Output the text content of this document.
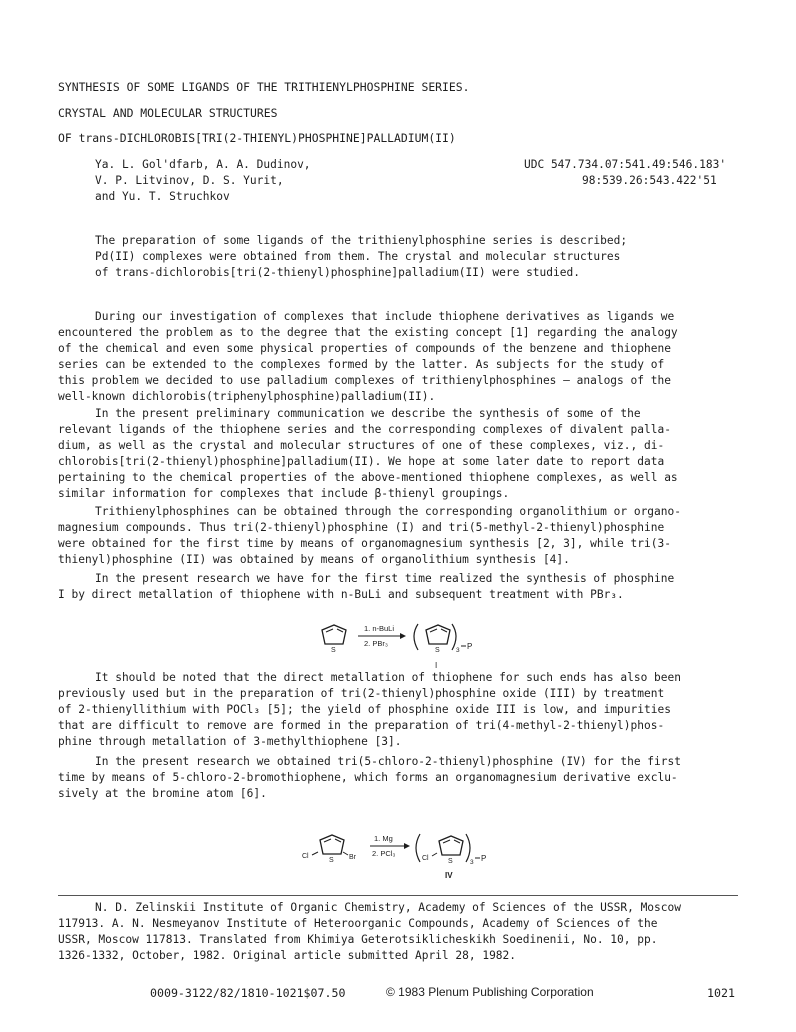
SYNTHESIS OF SOME LIGANDS OF THE TRITHIENYLPHOSPHINE SERIES.
CRYSTAL AND MOLECULAR STRUCTURES
OF trans-DICHLOROBIS[TRI(2-THIENYL)PHOSPHINE]PALLADIUM(II)
Ya. L. Gol'dfarb, A. A. Dudinov,
V. P. Litvinov, D. S. Yurit,
and Yu. T. Struchkov
UDC 547.734.07:541.49:546.183'
98:539.26:543.422'51
The preparation of some ligands of the trithienylphosphine series is described;
Pd(II) complexes were obtained from them. The crystal and molecular structures
of trans-dichlorobis[tri(2-thienyl)phosphine]palladium(II) were studied.
During our investigation of complexes that include thiophene derivatives as ligands we
encountered the problem as to the degree that the existing concept [1] regarding the analogy
of the chemical and even some physical properties of compounds of the benzene and thiophene
series can be extended to the complexes formed by the latter. As subjects for the study of
this problem we decided to use palladium complexes of trithienylphosphines — analogs of the
well-known dichlorobis(triphenylphosphine)palladium(II).
In the present preliminary communication we describe the synthesis of some of the
relevant ligands of the thiophene series and the corresponding complexes of divalent palla-
dium, as well as the crystal and molecular structures of one of these complexes, viz., di-
chlorobis[tri(2-thienyl)phosphine]palladium(II). We hope at some later date to report data
pertaining to the chemical properties of the above-mentioned thiophene complexes, as well as
similar information for complexes that include β-thienyl groupings.
Trithienylphosphines can be obtained through the corresponding organolithium or organo-
magnesium compounds. Thus tri(2-thienyl)phosphine (I) and tri(5-methyl-2-thienyl)phosphine
were obtained for the first time by means of organomagnesium synthesis [2, 3], while tri(3-
thienyl)phosphine (II) was obtained by means of organolithium synthesis [4].
In the present research we have for the first time realized the synthesis of phosphine
I by direct metallation of thiophene with n-BuLi and subsequent treatment with PBr₃.
S
1. n-BuLi
2. PBr₃
S	3 P
I
It should be noted that the direct metallation of thiophene for such ends has also been
previously used but in the preparation of tri(2-thienyl)phosphine oxide (III) by treatment
of 2-thienyllithium with POCl₃ [5]; the yield of phosphine oxide III is low, and impurities
that are difficult to remove are formed in the preparation of tri(4-methyl-2-thienyl)phos-
phine through metallation of 3-methylthiophene [3].
In the present research we obtained tri(5-chloro-2-thienyl)phosphine (IV) for the first
time by means of 5-chloro-2-bromothiophene, which forms an organomagnesium derivative exclu-
sively at the bromine atom [6].
Cl
S Br
1. Mg
2. PCl₃
Cl	S	3 P
IV
N. D. Zelinskii Institute of Organic Chemistry, Academy of Sciences of the USSR, Moscow
117913. A. N. Nesmeyanov Institute of Heteroorganic Compounds, Academy of Sciences of the
USSR, Moscow 117813. Translated from Khimiya Geterotsiklicheskikh Soedinenii, No. 10, pp.
1326-1332, October, 1982. Original article submitted April 28, 1982.
0009-3122/82/1810-1021$07.50	© 1983 Plenum Publishing Corporation	1021
